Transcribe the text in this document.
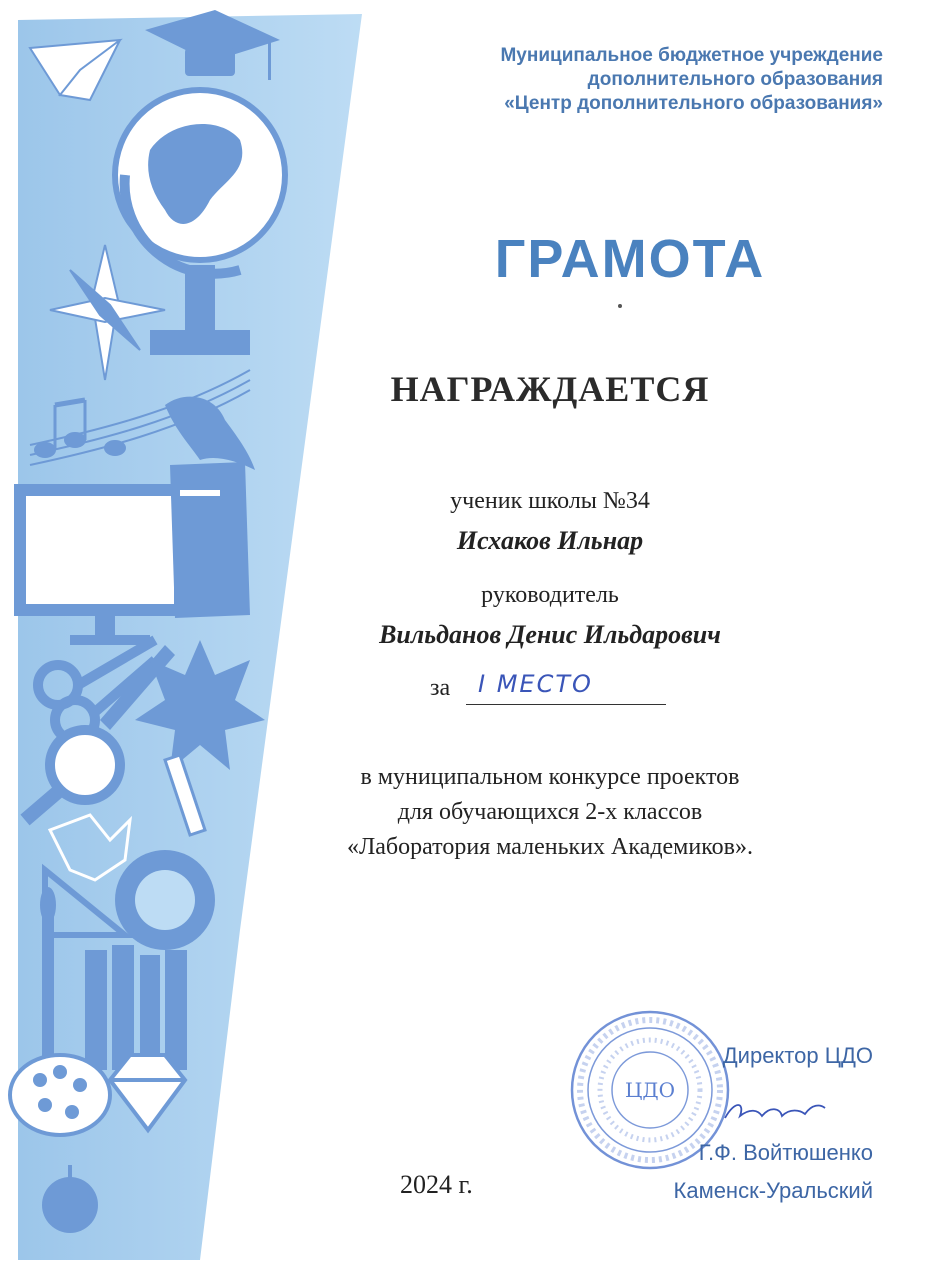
Муниципальное бюджетное учреждение
дополнительного образования
«Центр дополнительного образования»
ГРАМОТА
НАГРАЖДАЕТСЯ
ученик школы №34
Исхаков Ильнар
руководитель
Вильданов Денис Ильдарович
за I МЕСТО
в муниципальном конкурсе проектов
для обучающихся 2-х классов
«Лаборатория маленьких Академиков».
ЦДО
Директор ЦДО
Г.Ф. Войтюшенко
Каменск-Уральский
2024 г.
